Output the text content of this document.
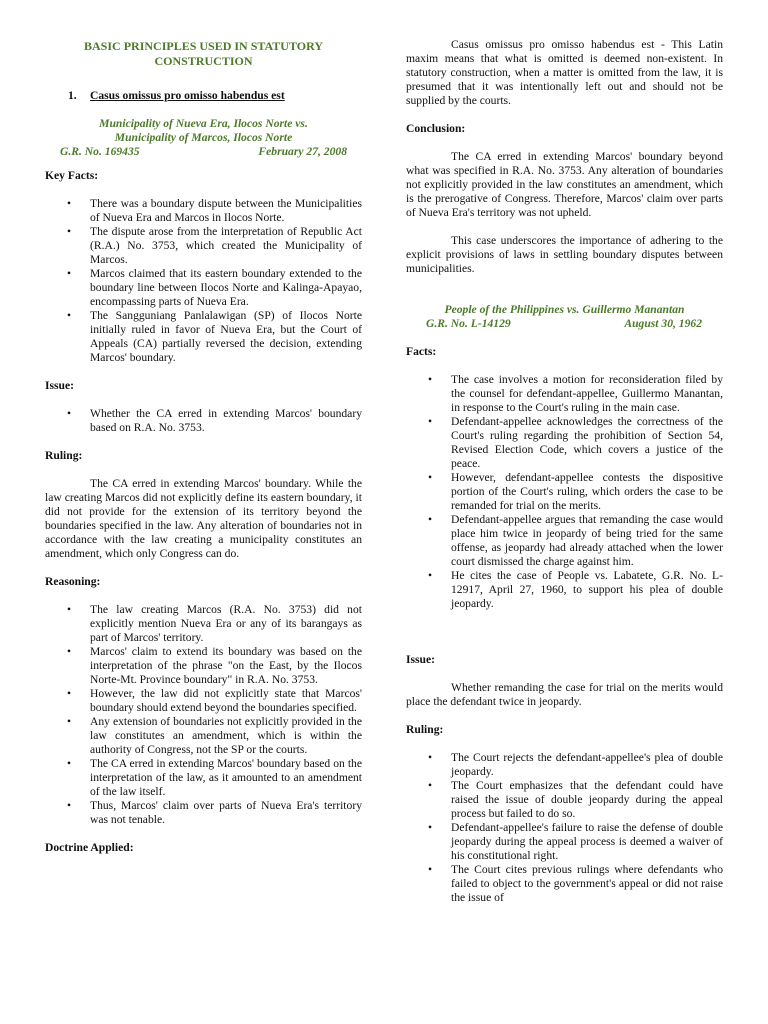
BASIC PRINCIPLES USED IN STATUTORY CONSTRUCTION
1. Casus omissus pro omisso habendus est
Municipality of Nueva Era, Ilocos Norte vs.
Municipality of Marcos, Ilocos Norte
G.R. No. 169435	February 27, 2008
Key Facts:
• There was a boundary dispute between the Municipalities of Nueva Era and Marcos in Ilocos Norte.
• The dispute arose from the interpretation of Republic Act (R.A.) No. 3753, which created the Municipality of Marcos.
• Marcos claimed that its eastern boundary extended to the boundary line between Ilocos Norte and Kalinga-Apayao, encompassing parts of Nueva Era.
• The Sangguniang Panlalawigan (SP) of Ilocos Norte initially ruled in favor of Nueva Era, but the Court of Appeals (CA) partially reversed the decision, extending Marcos' boundary.
Issue:
• Whether the CA erred in extending Marcos' boundary based on R.A. No. 3753.
Ruling:

The CA erred in extending Marcos' boundary. While the law creating Marcos did not explicitly define its eastern boundary, it did not provide for the extension of its territory beyond the boundaries specified in the law. Any alteration of boundaries not in accordance with the law creating a municipality constitutes an amendment, which only Congress can do.

Reasoning:
• The law creating Marcos (R.A. No. 3753) did not explicitly mention Nueva Era or any of its barangays as part of Marcos' territory.
• Marcos' claim to extend its boundary was based on the interpretation of the phrase "on the East, by the Ilocos Norte-Mt. Province boundary" in R.A. No. 3753.
• However, the law did not explicitly state that Marcos' boundary should extend beyond the boundaries specified.
• Any extension of boundaries not explicitly provided in the law constitutes an amendment, which is within the authority of Congress, not the SP or the courts.
• The CA erred in extending Marcos' boundary based on the interpretation of the law, as it amounted to an amendment of the law itself.
• Thus, Marcos' claim over parts of Nueva Era's territory was not tenable.
Doctrine Applied:

Casus omissus pro omisso habendus est - This Latin maxim means that what is omitted is deemed non-existent. In statutory construction, when a matter is omitted from the law, it is presumed that it was intentionally left out and should not be supplied by the courts.

Conclusion:

The CA erred in extending Marcos' boundary beyond what was specified in R.A. No. 3753. Any alteration of boundaries not explicitly provided in the law constitutes an amendment, which is the prerogative of Congress. Therefore, Marcos' claim over parts of Nueva Era's territory was not upheld.

This case underscores the importance of adhering to the explicit provisions of laws in settling boundary disputes between municipalities.

People of the Philippines vs. Guillermo Manantan
G.R. No. L-14129	August 30, 1962
Facts:
• The case involves a motion for reconsideration filed by the counsel for defendant-appellee, Guillermo Manantan, in response to the Court's ruling in the main case.
• Defendant-appellee acknowledges the correctness of the Court's ruling regarding the prohibition of Section 54, Revised Election Code, which covers a justice of the peace.
• However, defendant-appellee contests the dispositive portion of the Court's ruling, which orders the case to be remanded for trial on the merits.
• Defendant-appellee argues that remanding the case would place him twice in jeopardy of being tried for the same offense, as jeopardy had already attached when the lower court dismissed the charge against him.
• He cites the case of People vs. Labatete, G.R. No. L-12917, April 27, 1960, to support his plea of double jeopardy.
Issue:

Whether remanding the case for trial on the merits would place the defendant twice in jeopardy.

Ruling:
• The Court rejects the defendant-appellee's plea of double jeopardy.
• The Court emphasizes that the defendant could have raised the issue of double jeopardy during the appeal process but failed to do so.
• Defendant-appellee's failure to raise the defense of double jeopardy during the appeal process is deemed a waiver of his constitutional right.
• The Court cites previous rulings where defendants who failed to object to the government's appeal or did not raise the issue of
